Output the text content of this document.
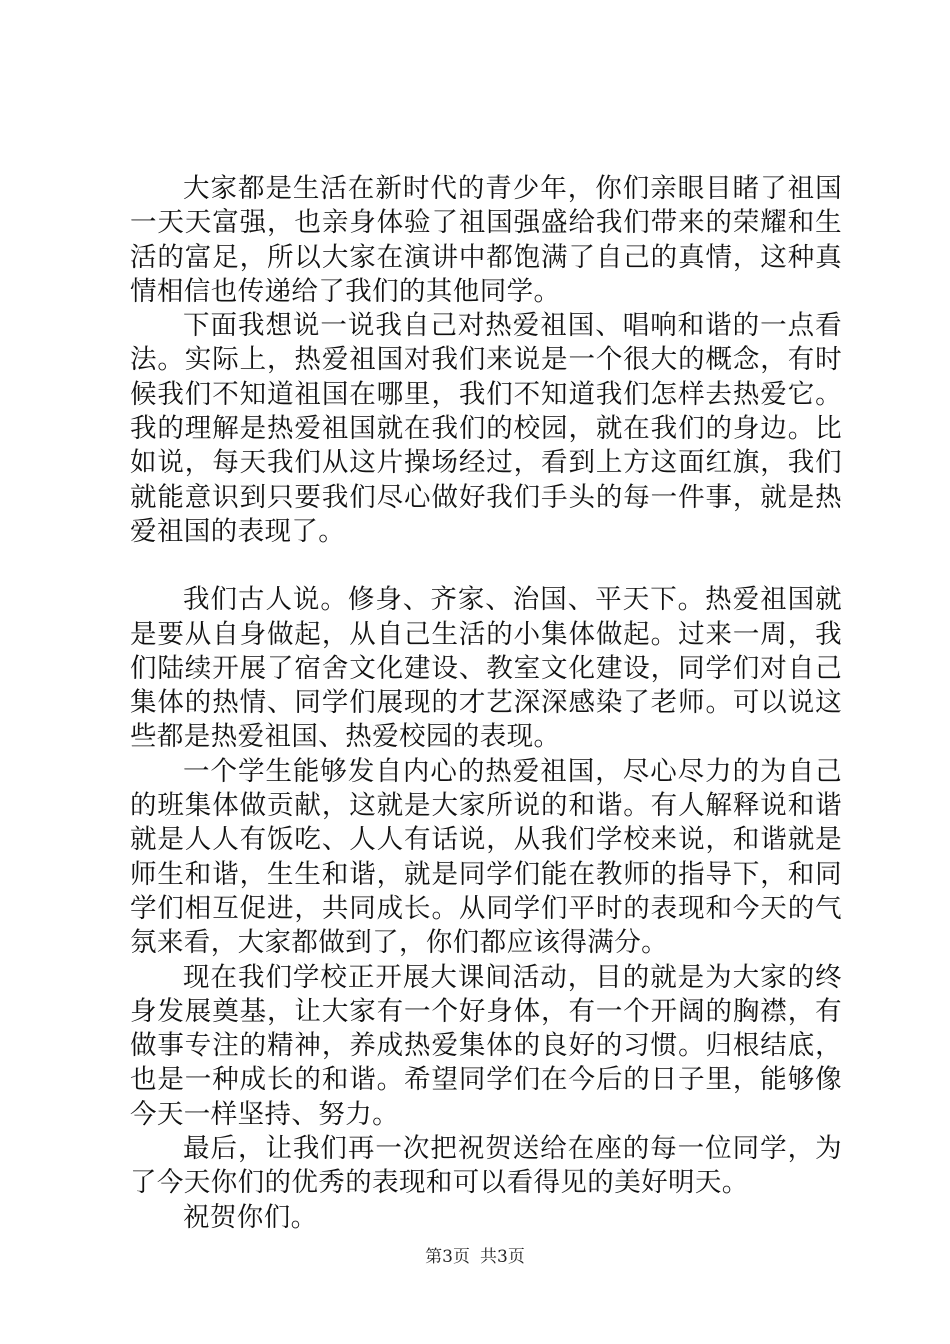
大家都是生活在新时代的青少年，你们亲眼目睹了祖国一天天富强，也亲身体验了祖国强盛给我们带来的荣耀和生活的富足，所以大家在演讲中都饱满了自己的真情，这种真情相信也传递给了我们的其他同学。

下面我想说一说我自己对热爱祖国、唱响和谐的一点看法。实际上，热爱祖国对我们来说是一个很大的概念，有时候我们不知道祖国在哪里，我们不知道我们怎样去热爱它。我的理解是热爱祖国就在我们的校园，就在我们的身边。比如说，每天我们从这片操场经过，看到上方这面红旗，我们就能意识到只要我们尽心做好我们手头的每一件事，就是热爱祖国的表现了。

我们古人说。修身、齐家、治国、平天下。热爱祖国就是要从自身做起，从自己生活的小集体做起。过来一周，我们陆续开展了宿舍文化建设、教室文化建设，同学们对自己集体的热情、同学们展现的才艺深深感染了老师。可以说这些都是热爱祖国、热爱校园的表现。

一个学生能够发自内心的热爱祖国，尽心尽力的为自己的班集体做贡献，这就是大家所说的和谐。有人解释说和谐就是人人有饭吃、人人有话说，从我们学校来说，和谐就是师生和谐，生生和谐，就是同学们能在教师的指导下，和同学们相互促进，共同成长。从同学们平时的表现和今天的气氛来看，大家都做到了，你们都应该得满分。

现在我们学校正开展大课间活动，目的就是为大家的终身发展奠基，让大家有一个好身体，有一个开阔的胸襟，有做事专注的精神，养成热爱集体的良好的习惯。归根结底，也是一种成长的和谐。希望同学们在今后的日子里，能够像今天一样坚持、努力。

最后，让我们再一次把祝贺送给在座的每一位同学，为了今天你们的优秀的表现和可以看得见的美好明天。

祝贺你们。

第3页 共3页
